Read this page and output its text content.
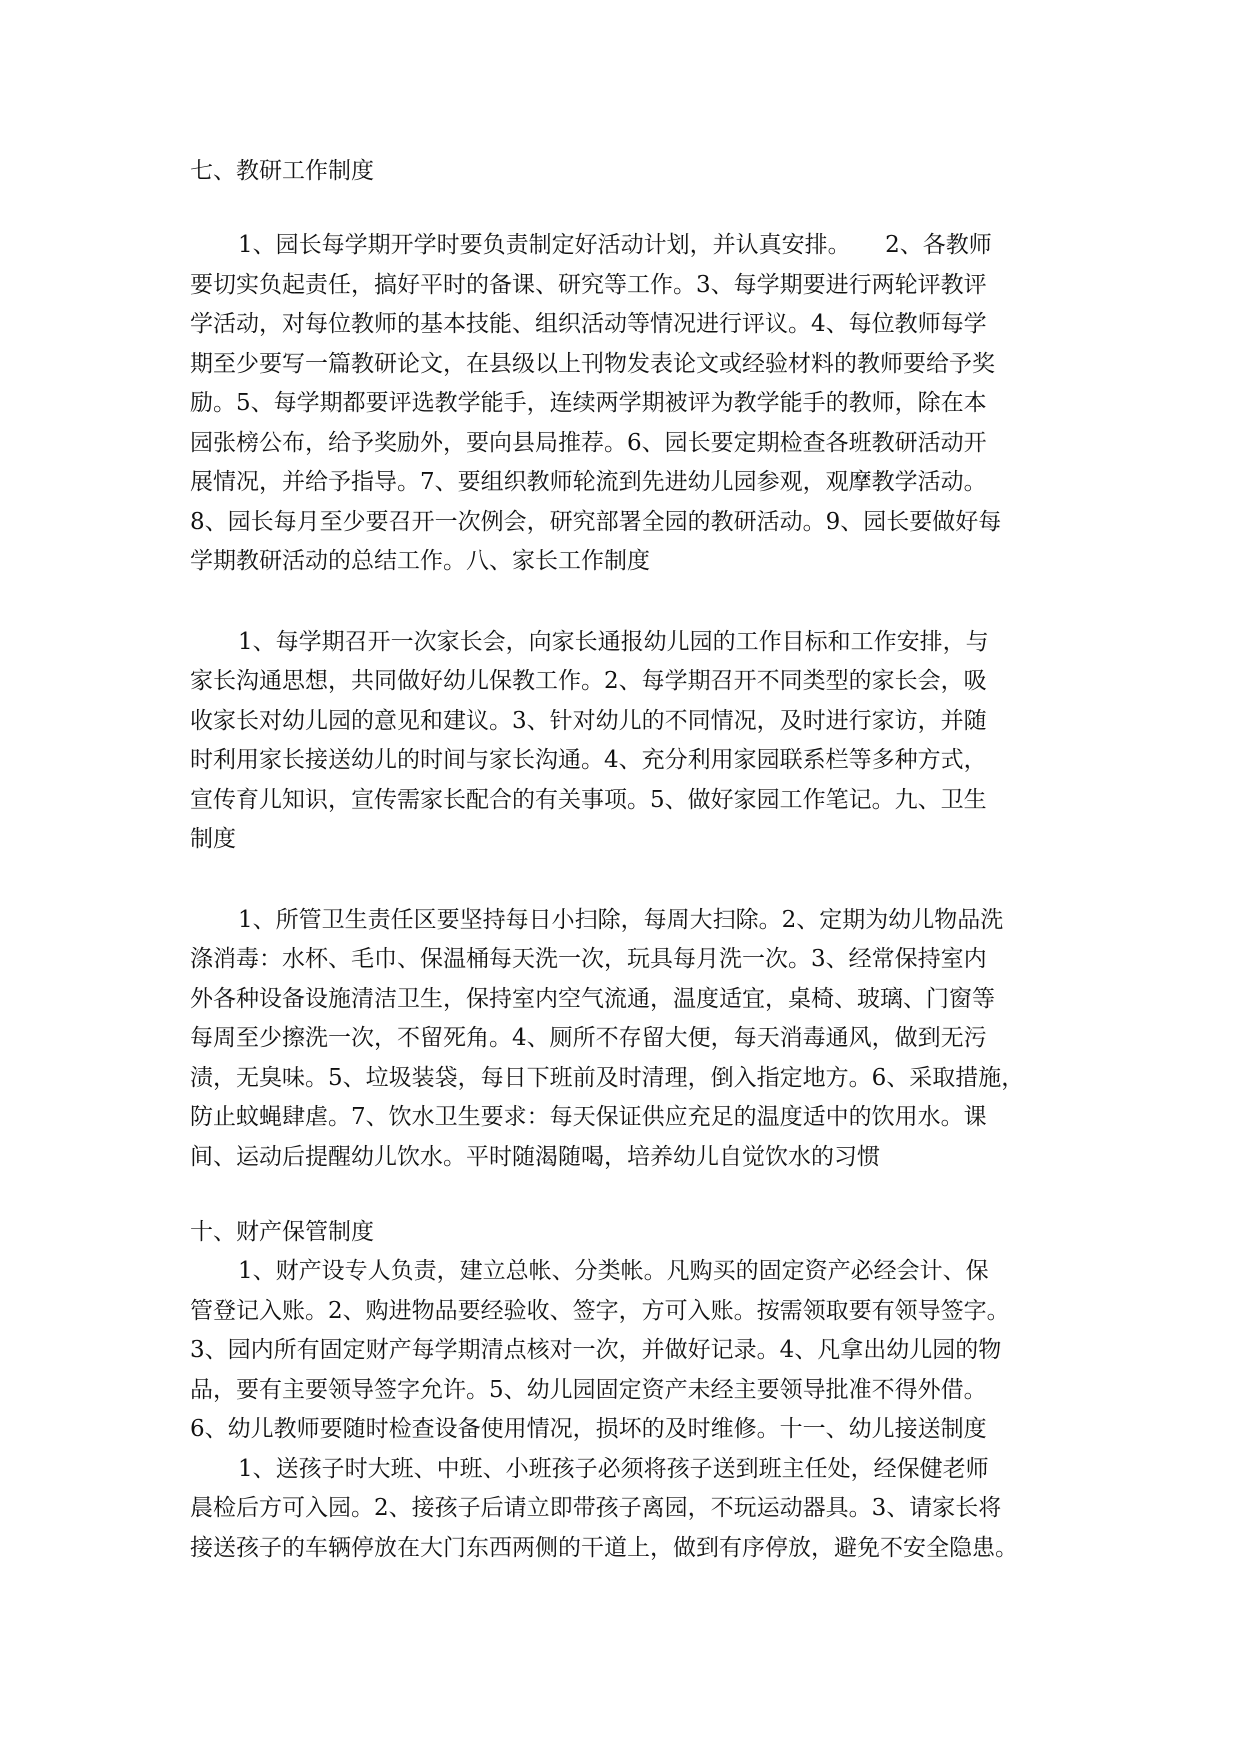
七、教研工作制度
1、园长每学期开学时要负责制定好活动计划，并认真安排。　　2、各教师
要切实负起责任，搞好平时的备课、研究等工作。3、每学期要进行两轮评教评
学活动，对每位教师的基本技能、组织活动等情况进行评议。4、每位教师每学
期至少要写一篇教研论文，在县级以上刊物发表论文或经验材料的教师要给予奖
励。5、每学期都要评选教学能手，连续两学期被评为教学能手的教师，除在本
园张榜公布，给予奖励外，要向县局推荐。6、园长要定期检查各班教研活动开
展情况，并给予指导。7、要组织教师轮流到先进幼儿园参观，观摩教学活动。
8、园长每月至少要召开一次例会，研究部署全园的教研活动。9、园长要做好每
学期教研活动的总结工作。八、家长工作制度
1、每学期召开一次家长会，向家长通报幼儿园的工作目标和工作安排，与
家长沟通思想，共同做好幼儿保教工作。2、每学期召开不同类型的家长会，吸
收家长对幼儿园的意见和建议。3、针对幼儿的不同情况，及时进行家访，并随
时利用家长接送幼儿的时间与家长沟通。4、充分利用家园联系栏等多种方式，
宣传育儿知识，宣传需家长配合的有关事项。5、做好家园工作笔记。九、卫生
制度
1、所管卫生责任区要坚持每日小扫除，每周大扫除。2、定期为幼儿物品洗
涤消毒：水杯、毛巾、保温桶每天洗一次，玩具每月洗一次。3、经常保持室内
外各种设备设施清洁卫生，保持室内空气流通，温度适宜，桌椅、玻璃、门窗等
每周至少擦洗一次，不留死角。4、厕所不存留大便，每天消毒通风，做到无污
渍，无臭味。5、垃圾装袋，每日下班前及时清理，倒入指定地方。6、采取措施，
防止蚊蝇肆虐。7、饮水卫生要求：每天保证供应充足的温度适中的饮用水。课
间、运动后提醒幼儿饮水。平时随渴随喝，培养幼儿自觉饮水的习惯
十、财产保管制度
1、财产设专人负责，建立总帐、分类帐。凡购买的固定资产必经会计、保
管登记入账。2、购进物品要经验收、签字，方可入账。按需领取要有领导签字。
3、园内所有固定财产每学期清点核对一次，并做好记录。4、凡拿出幼儿园的物
品，要有主要领导签字允许。5、幼儿园固定资产未经主要领导批准不得外借。
6、幼儿教师要随时检查设备使用情况，损坏的及时维修。十一、幼儿接送制度
1、送孩子时大班、中班、小班孩子必须将孩子送到班主任处，经保健老师
晨检后方可入园。2、接孩子后请立即带孩子离园，不玩运动器具。3、请家长将
接送孩子的车辆停放在大门东西两侧的干道上，做到有序停放，避免不安全隐患。
